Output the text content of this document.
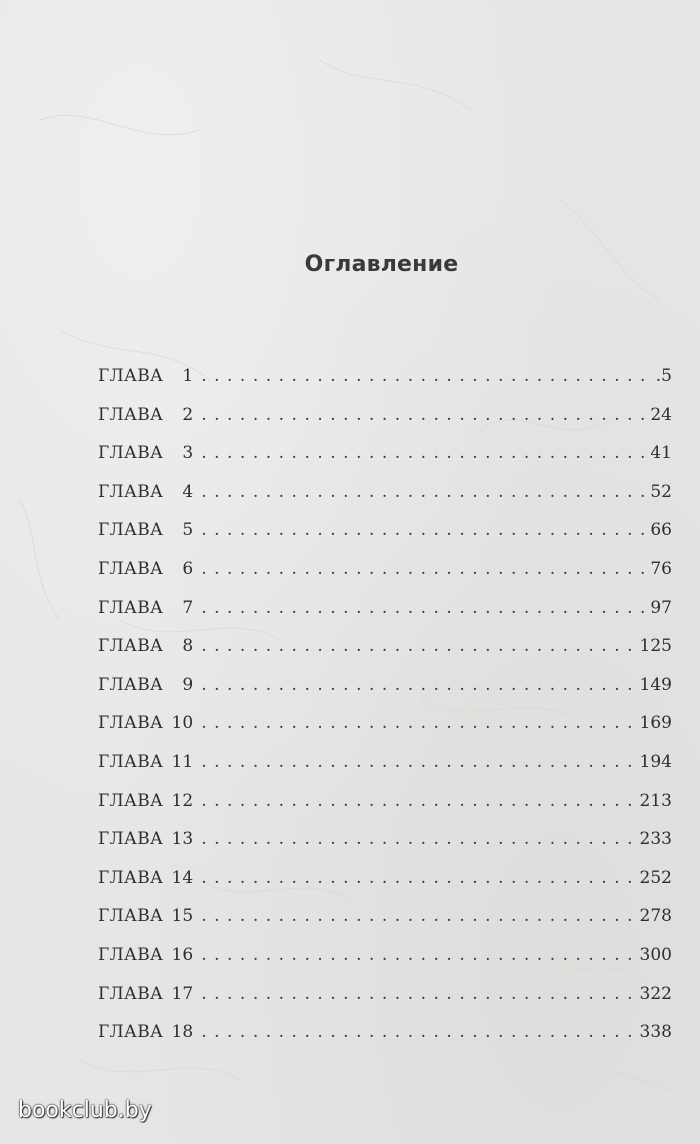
Оглавление
ГЛАВА	1 . . .	.5
ГЛАВА	2 . . .	24
ГЛАВА	3 . . .	41
ГЛАВА	4 . . .	52
ГЛАВА	5 . . .	66
ГЛАВА	6 . . .	76
ГЛАВА	7 . . .	97
ГЛАВА	8 . . .	125
ГЛАВА	9 . . .	149
ГЛАВА 10 . . .	169
ГЛАВА 11 . . .	194
ГЛАВА 12 . . .	213
ГЛАВА 13 . . .	233
ГЛАВА 14 . . .	252
ГЛАВА 15 . . .	278
ГЛАВА 16 . . .	300
ГЛАВА 17 . . .	322
ГЛАВА 18 . . .	338
bookclub.by
